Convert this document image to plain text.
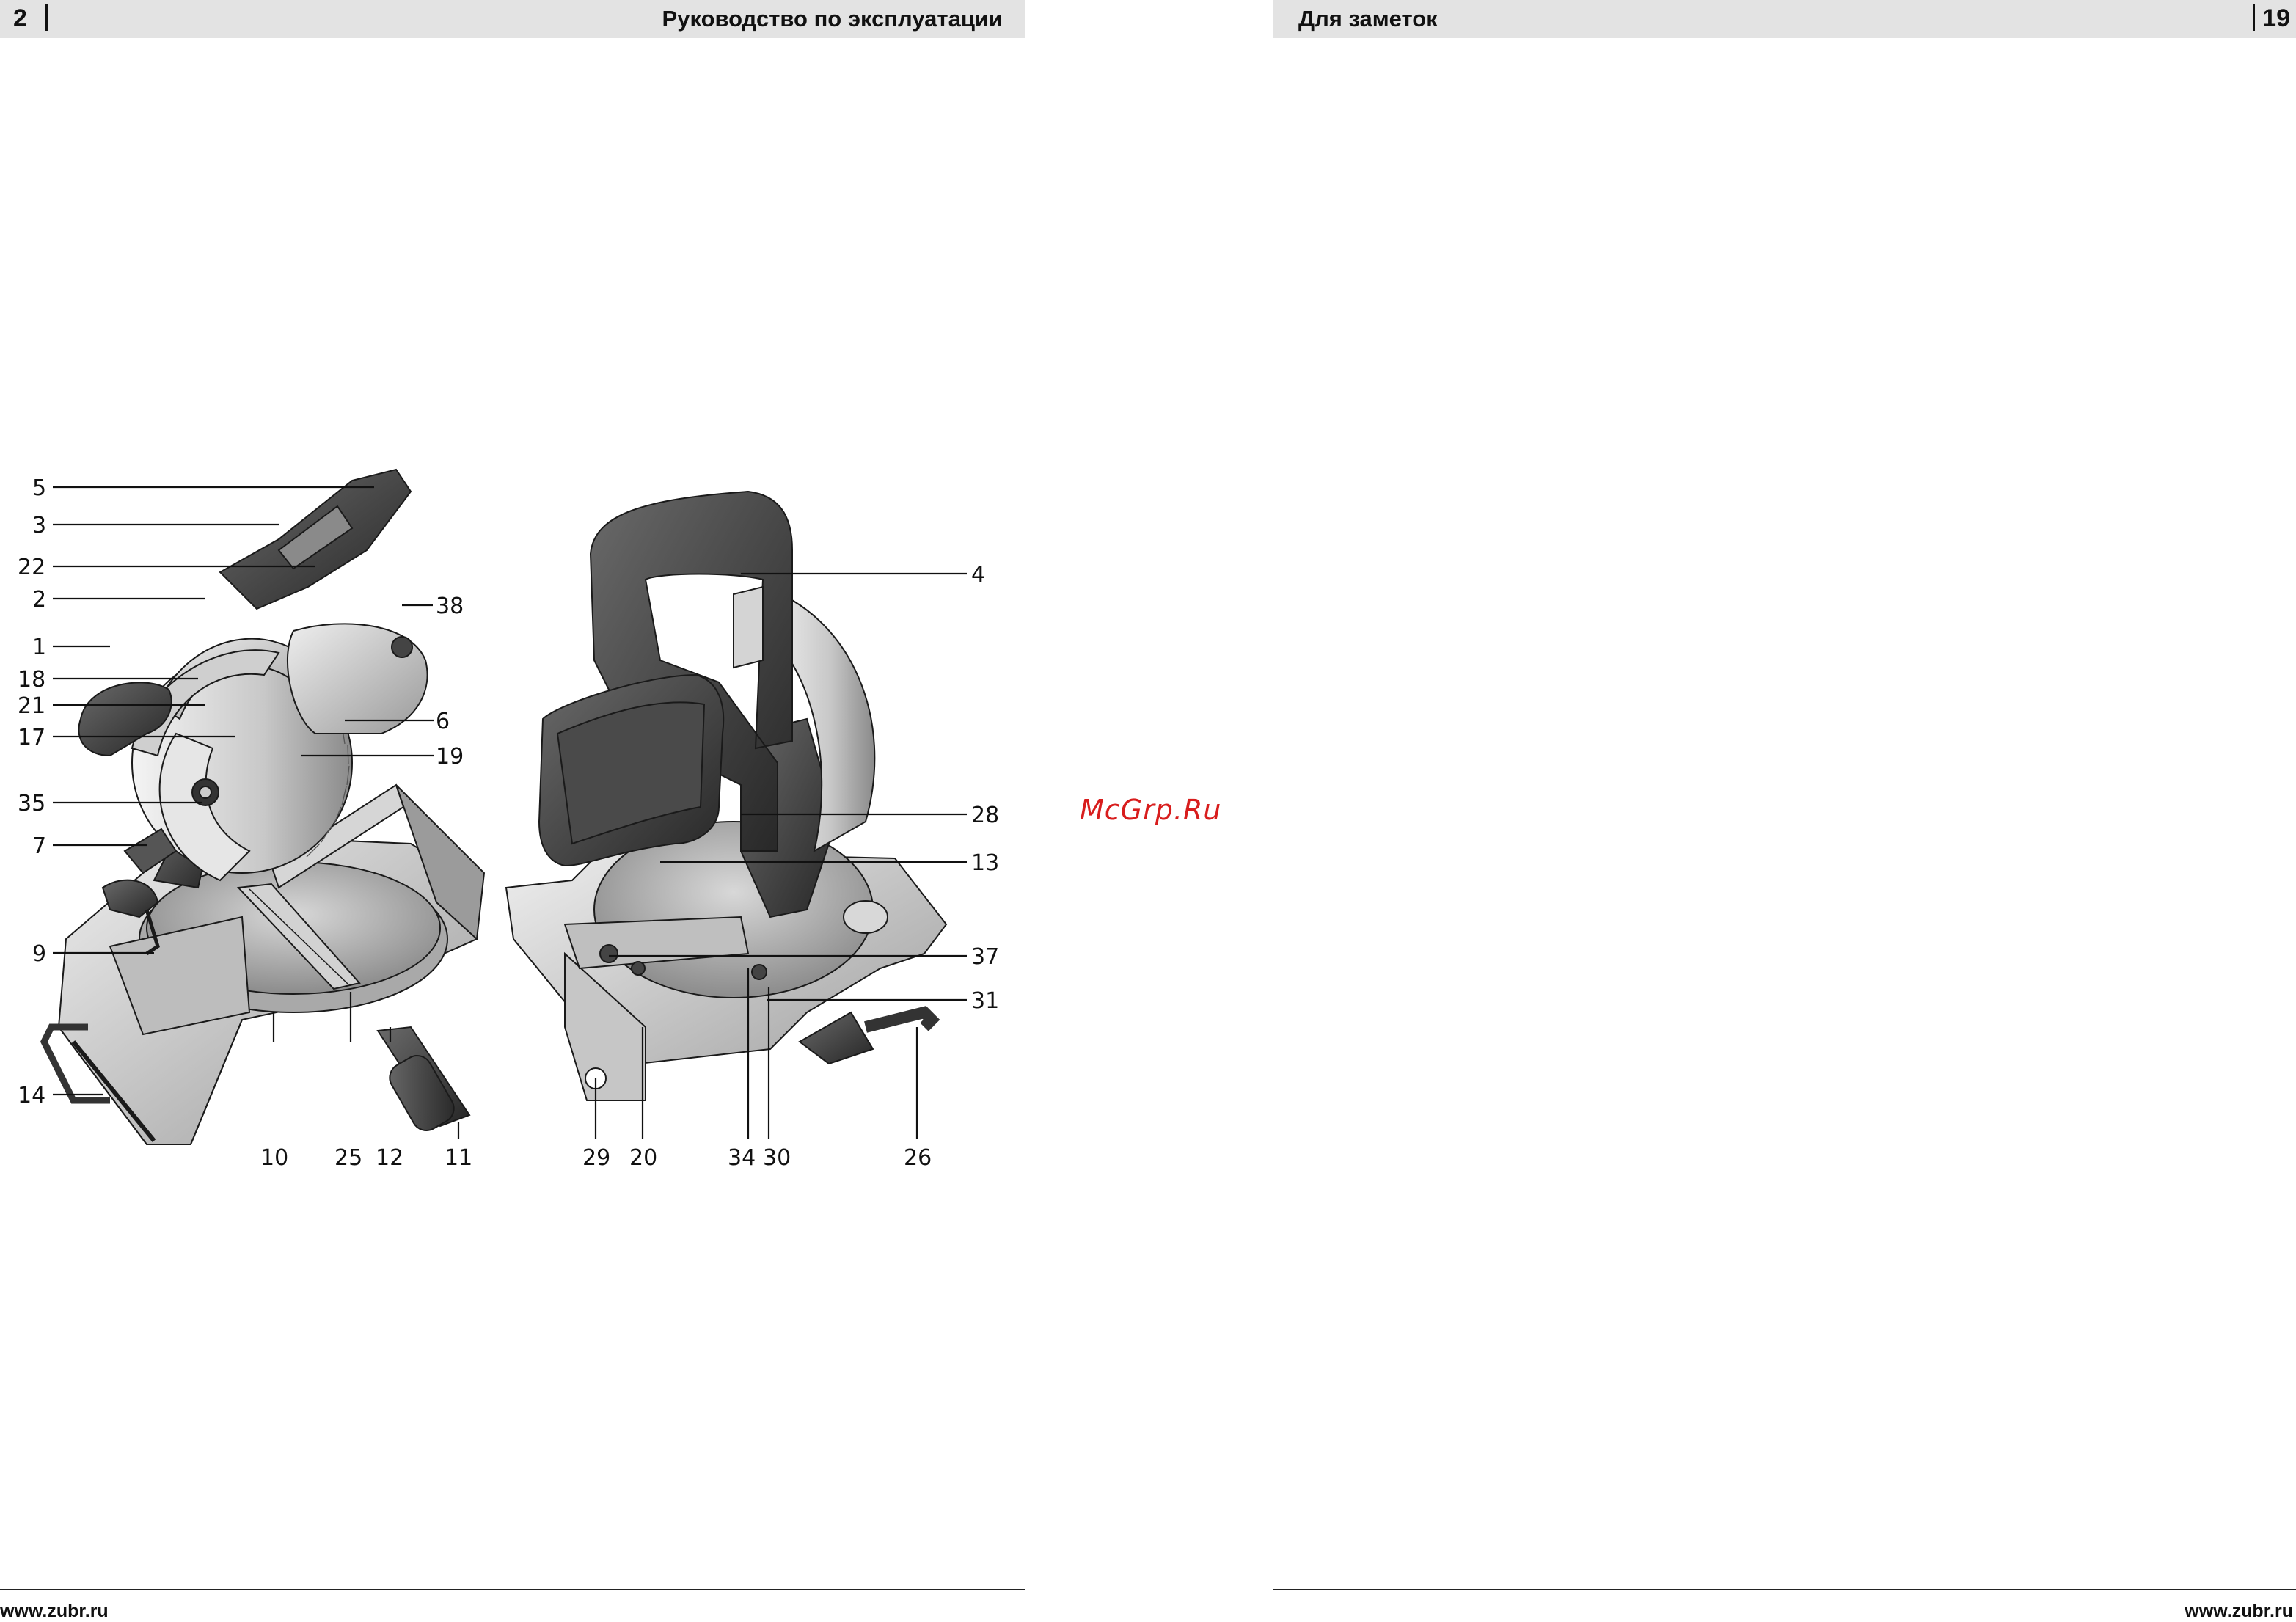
2	Руководство по эксплуатации
www.zubr.ru
Для заметок	19
www.zubr.ru
McGrp.Ru
5
3
22
2
1
18
21
17
35
7
9
14
38
6
19
10 25 12 11
4
28
13
37
31
29 20	34 30	26
